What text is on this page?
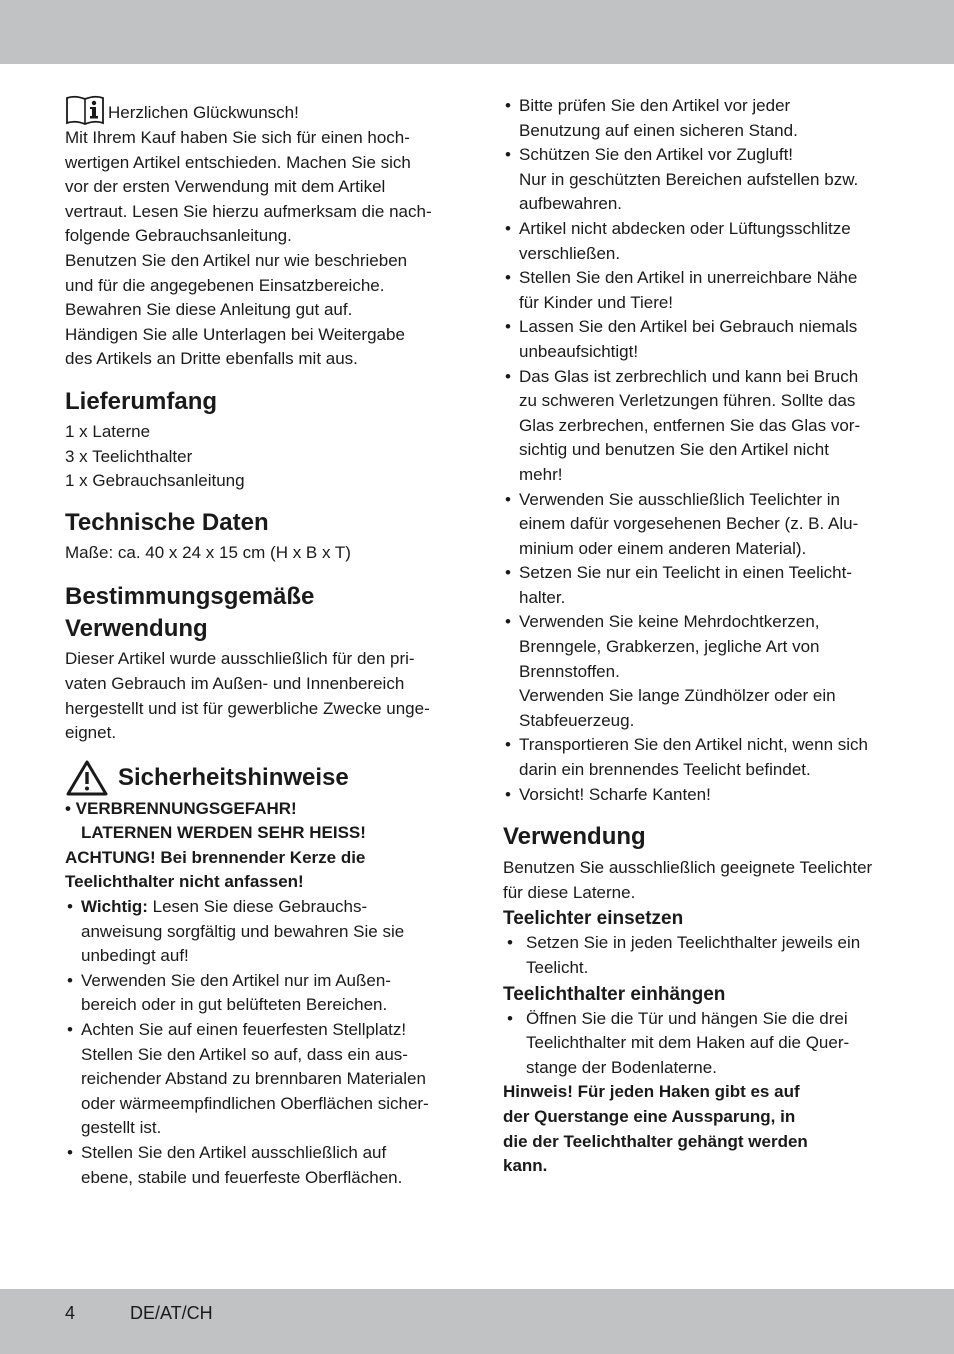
Herzlichen Glückwunsch!

Mit Ihrem Kauf haben Sie sich für einen hoch-

wertigen Artikel entschieden. Machen Sie sich

vor der ersten Verwendung mit dem Artikel

vertraut. Lesen Sie hierzu aufmerksam die nach-

folgende Gebrauchsanleitung.

Benutzen Sie den Artikel nur wie beschrieben

und für die angegebenen Einsatzbereiche.

Bewahren Sie diese Anleitung gut auf.

Händigen Sie alle Unterlagen bei Weitergabe

des Artikels an Dritte ebenfalls mit aus.

Lieferumfang

1 x Laterne

3 x Teelichthalter

1 x Gebrauchsanleitung

Technische Daten

Maße: ca. 40 x 24 x 15 cm (H x B x T)

Bestimmungsgemäße
Verwendung

Dieser Artikel wurde ausschließlich für den pri-

vaten Gebrauch im Außen- und Innenbereich

hergestellt und ist für gewerbliche Zwecke unge-

eignet.

Sicherheitshinweise

• VERBRENNUNGSGEFAHR!

LATERNEN WERDEN SEHR HEISS!

ACHTUNG! Bei brennender Kerze die

Teelichthalter nicht anfassen!

• Wichtig: Lesen Sie diese Gebrauchs-
anweisung sorgfältig und bewahren Sie sie
unbedingt auf!
• Verwenden Sie den Artikel nur im Außen-
bereich oder in gut belüfteten Bereichen.
• Achten Sie auf einen feuerfesten Stellplatz!
Stellen Sie den Artikel so auf, dass ein aus-
reichender Abstand zu brennbaren Materialen
oder wärmeempfindlichen Oberflächen sicher-
gestellt ist.
• Stellen Sie den Artikel ausschließlich auf
ebene, stabile und feuerfeste Oberflächen.
• Bitte prüfen Sie den Artikel vor jeder
Benutzung auf einen sicheren Stand.
• Schützen Sie den Artikel vor Zugluft!
Nur in geschützten Bereichen aufstellen bzw.
aufbewahren.
• Artikel nicht abdecken oder Lüftungsschlitze
verschließen.
• Stellen Sie den Artikel in unerreichbare Nähe
für Kinder und Tiere!
• Lassen Sie den Artikel bei Gebrauch niemals
unbeaufsichtigt!
• Das Glas ist zerbrechlich und kann bei Bruch
zu schweren Verletzungen führen. Sollte das
Glas zerbrechen, entfernen Sie das Glas vor-
sichtig und benutzen Sie den Artikel nicht
mehr!
• Verwenden Sie ausschließlich Teelichter in
einem dafür vorgesehenen Becher (z. B. Alu-
minium oder einem anderen Material).
• Setzen Sie nur ein Teelicht in einen Teelicht-
halter.
• Verwenden Sie keine Mehrdochtkerzen,
Brenngele, Grabkerzen, jegliche Art von
Brennstoffen.
Verwenden Sie lange Zündhölzer oder ein
Stabfeuerzeug.
• Transportieren Sie den Artikel nicht, wenn sich
darin ein brennendes Teelicht befindet.
• Vorsicht! Scharfe Kanten!
Verwendung

Benutzen Sie ausschließlich geeignete Teelichter

für diese Laterne.

Teelichter einsetzen
• Setzen Sie in jeden Teelichthalter jeweils ein
Teelicht.
Teelichthalter einhängen
• Öffnen Sie die Tür und hängen Sie die drei
Teelichthalter mit dem Haken auf die Quer-
stange der Bodenlaterne.

Hinweis! Für jeden Haken gibt es auf

der Querstange eine Aussparung, in

die der Teelichthalter gehängt werden

kann.

4	DE/AT/CH
